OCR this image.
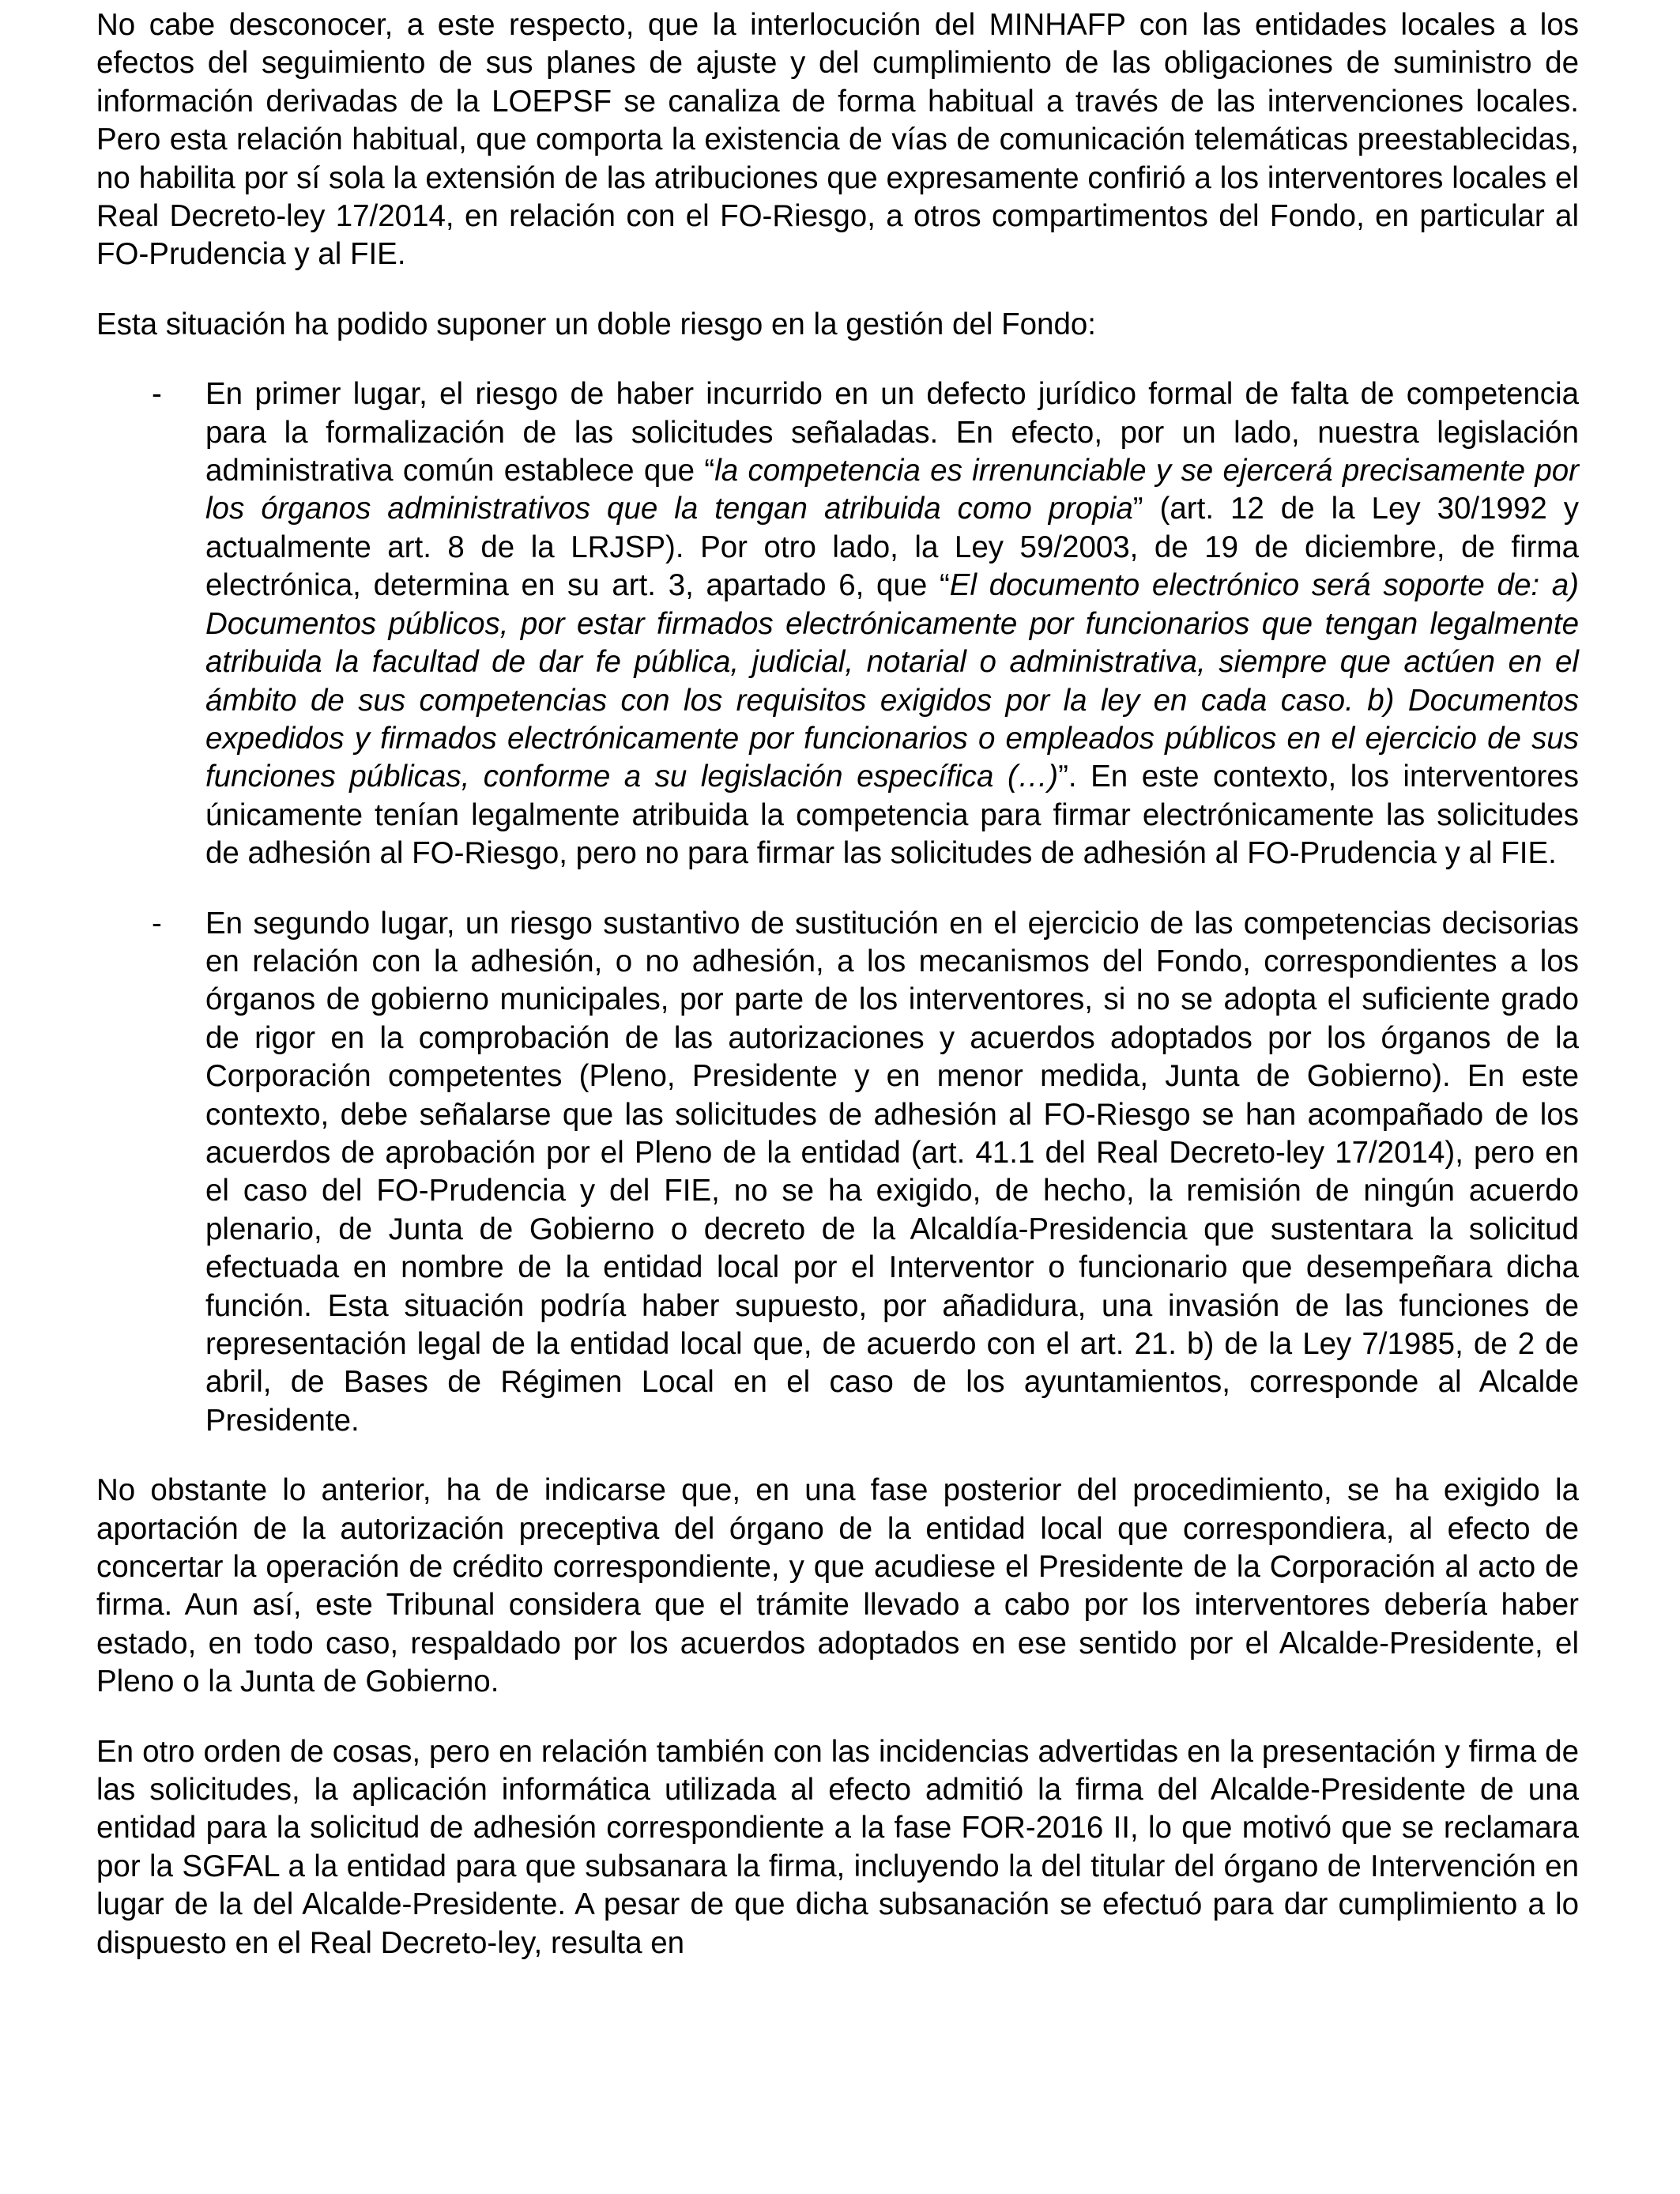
No cabe desconocer, a este respecto, que la interlocución del MINHAFP con las entidades locales a los efectos del seguimiento de sus planes de ajuste y del cumplimiento de las obligaciones de suministro de información derivadas de la LOEPSF se canaliza de forma habitual a través de las intervenciones locales. Pero esta relación habitual, que comporta la existencia de vías de comunicación telemáticas preestablecidas, no habilita por sí sola la extensión de las atribuciones que expresamente confirió a los interventores locales el Real Decreto-ley 17/2014, en relación con el FO-Riesgo, a otros compartimentos del Fondo, en particular al FO-Prudencia y al FIE.

Esta situación ha podido suponer un doble riesgo en la gestión del Fondo:

- En primer lugar, el riesgo de haber incurrido en un defecto jurídico formal de falta de competencia para la formalización de las solicitudes señaladas. En efecto, por un lado, nuestra legislación administrativa común establece que “la competencia es irrenunciable y se ejercerá precisamente por los órganos administrativos que la tengan atribuida como propia” (art. 12 de la Ley 30/1992 y actualmente art. 8 de la LRJSP). Por otro lado, la Ley 59/2003, de 19 de diciembre, de firma electrónica, determina en su art. 3, apartado 6, que “El documento electrónico será soporte de: a) Documentos públicos, por estar firmados electrónicamente por funcionarios que tengan legalmente atribuida la facultad de dar fe pública, judicial, notarial o administrativa, siempre que actúen en el ámbito de sus competencias con los requisitos exigidos por la ley en cada caso. b) Documentos expedidos y firmados electrónicamente por funcionarios o empleados públicos en el ejercicio de sus funciones públicas, conforme a su legislación específica (…)”. En este contexto, los interventores únicamente tenían legalmente atribuida la competencia para firmar electrónicamente las solicitudes de adhesión al FO-Riesgo, pero no para firmar las solicitudes de adhesión al FO-Prudencia y al FIE.
- En segundo lugar, un riesgo sustantivo de sustitución en el ejercicio de las competencias decisorias en relación con la adhesión, o no adhesión, a los mecanismos del Fondo, correspondientes a los órganos de gobierno municipales, por parte de los interventores, si no se adopta el suficiente grado de rigor en la comprobación de las autorizaciones y acuerdos adoptados por los órganos de la Corporación competentes (Pleno, Presidente y en menor medida, Junta de Gobierno). En este contexto, debe señalarse que las solicitudes de adhesión al FO-Riesgo se han acompañado de los acuerdos de aprobación por el Pleno de la entidad (art. 41.1 del Real Decreto-ley 17/2014), pero en el caso del FO-Prudencia y del FIE, no se ha exigido, de hecho, la remisión de ningún acuerdo plenario, de Junta de Gobierno o decreto de la Alcaldía-Presidencia que sustentara la solicitud efectuada en nombre de la entidad local por el Interventor o funcionario que desempeñara dicha función. Esta situación podría haber supuesto, por añadidura, una invasión de las funciones de representación legal de la entidad local que, de acuerdo con el art. 21. b) de la Ley 7/1985, de 2 de abril, de Bases de Régimen Local en el caso de los ayuntamientos, corresponde al Alcalde Presidente.

No obstante lo anterior, ha de indicarse que, en una fase posterior del procedimiento, se ha exigido la aportación de la autorización preceptiva del órgano de la entidad local que correspondiera, al efecto de concertar la operación de crédito correspondiente, y que acudiese el Presidente de la Corporación al acto de firma. Aun así, este Tribunal considera que el trámite llevado a cabo por los interventores debería haber estado, en todo caso, respaldado por los acuerdos adoptados en ese sentido por el Alcalde-Presidente, el Pleno o la Junta de Gobierno.

En otro orden de cosas, pero en relación también con las incidencias advertidas en la presentación y firma de las solicitudes, la aplicación informática utilizada al efecto admitió la firma del Alcalde-Presidente de una entidad para la solicitud de adhesión correspondiente a la fase FOR-2016 II, lo que motivó que se reclamara por la SGFAL a la entidad para que subsanara la firma, incluyendo la del titular del órgano de Intervención en lugar de la del Alcalde-Presidente. A pesar de que dicha subsanación se efectuó para dar cumplimiento a lo dispuesto en el Real Decreto-ley, resulta en
